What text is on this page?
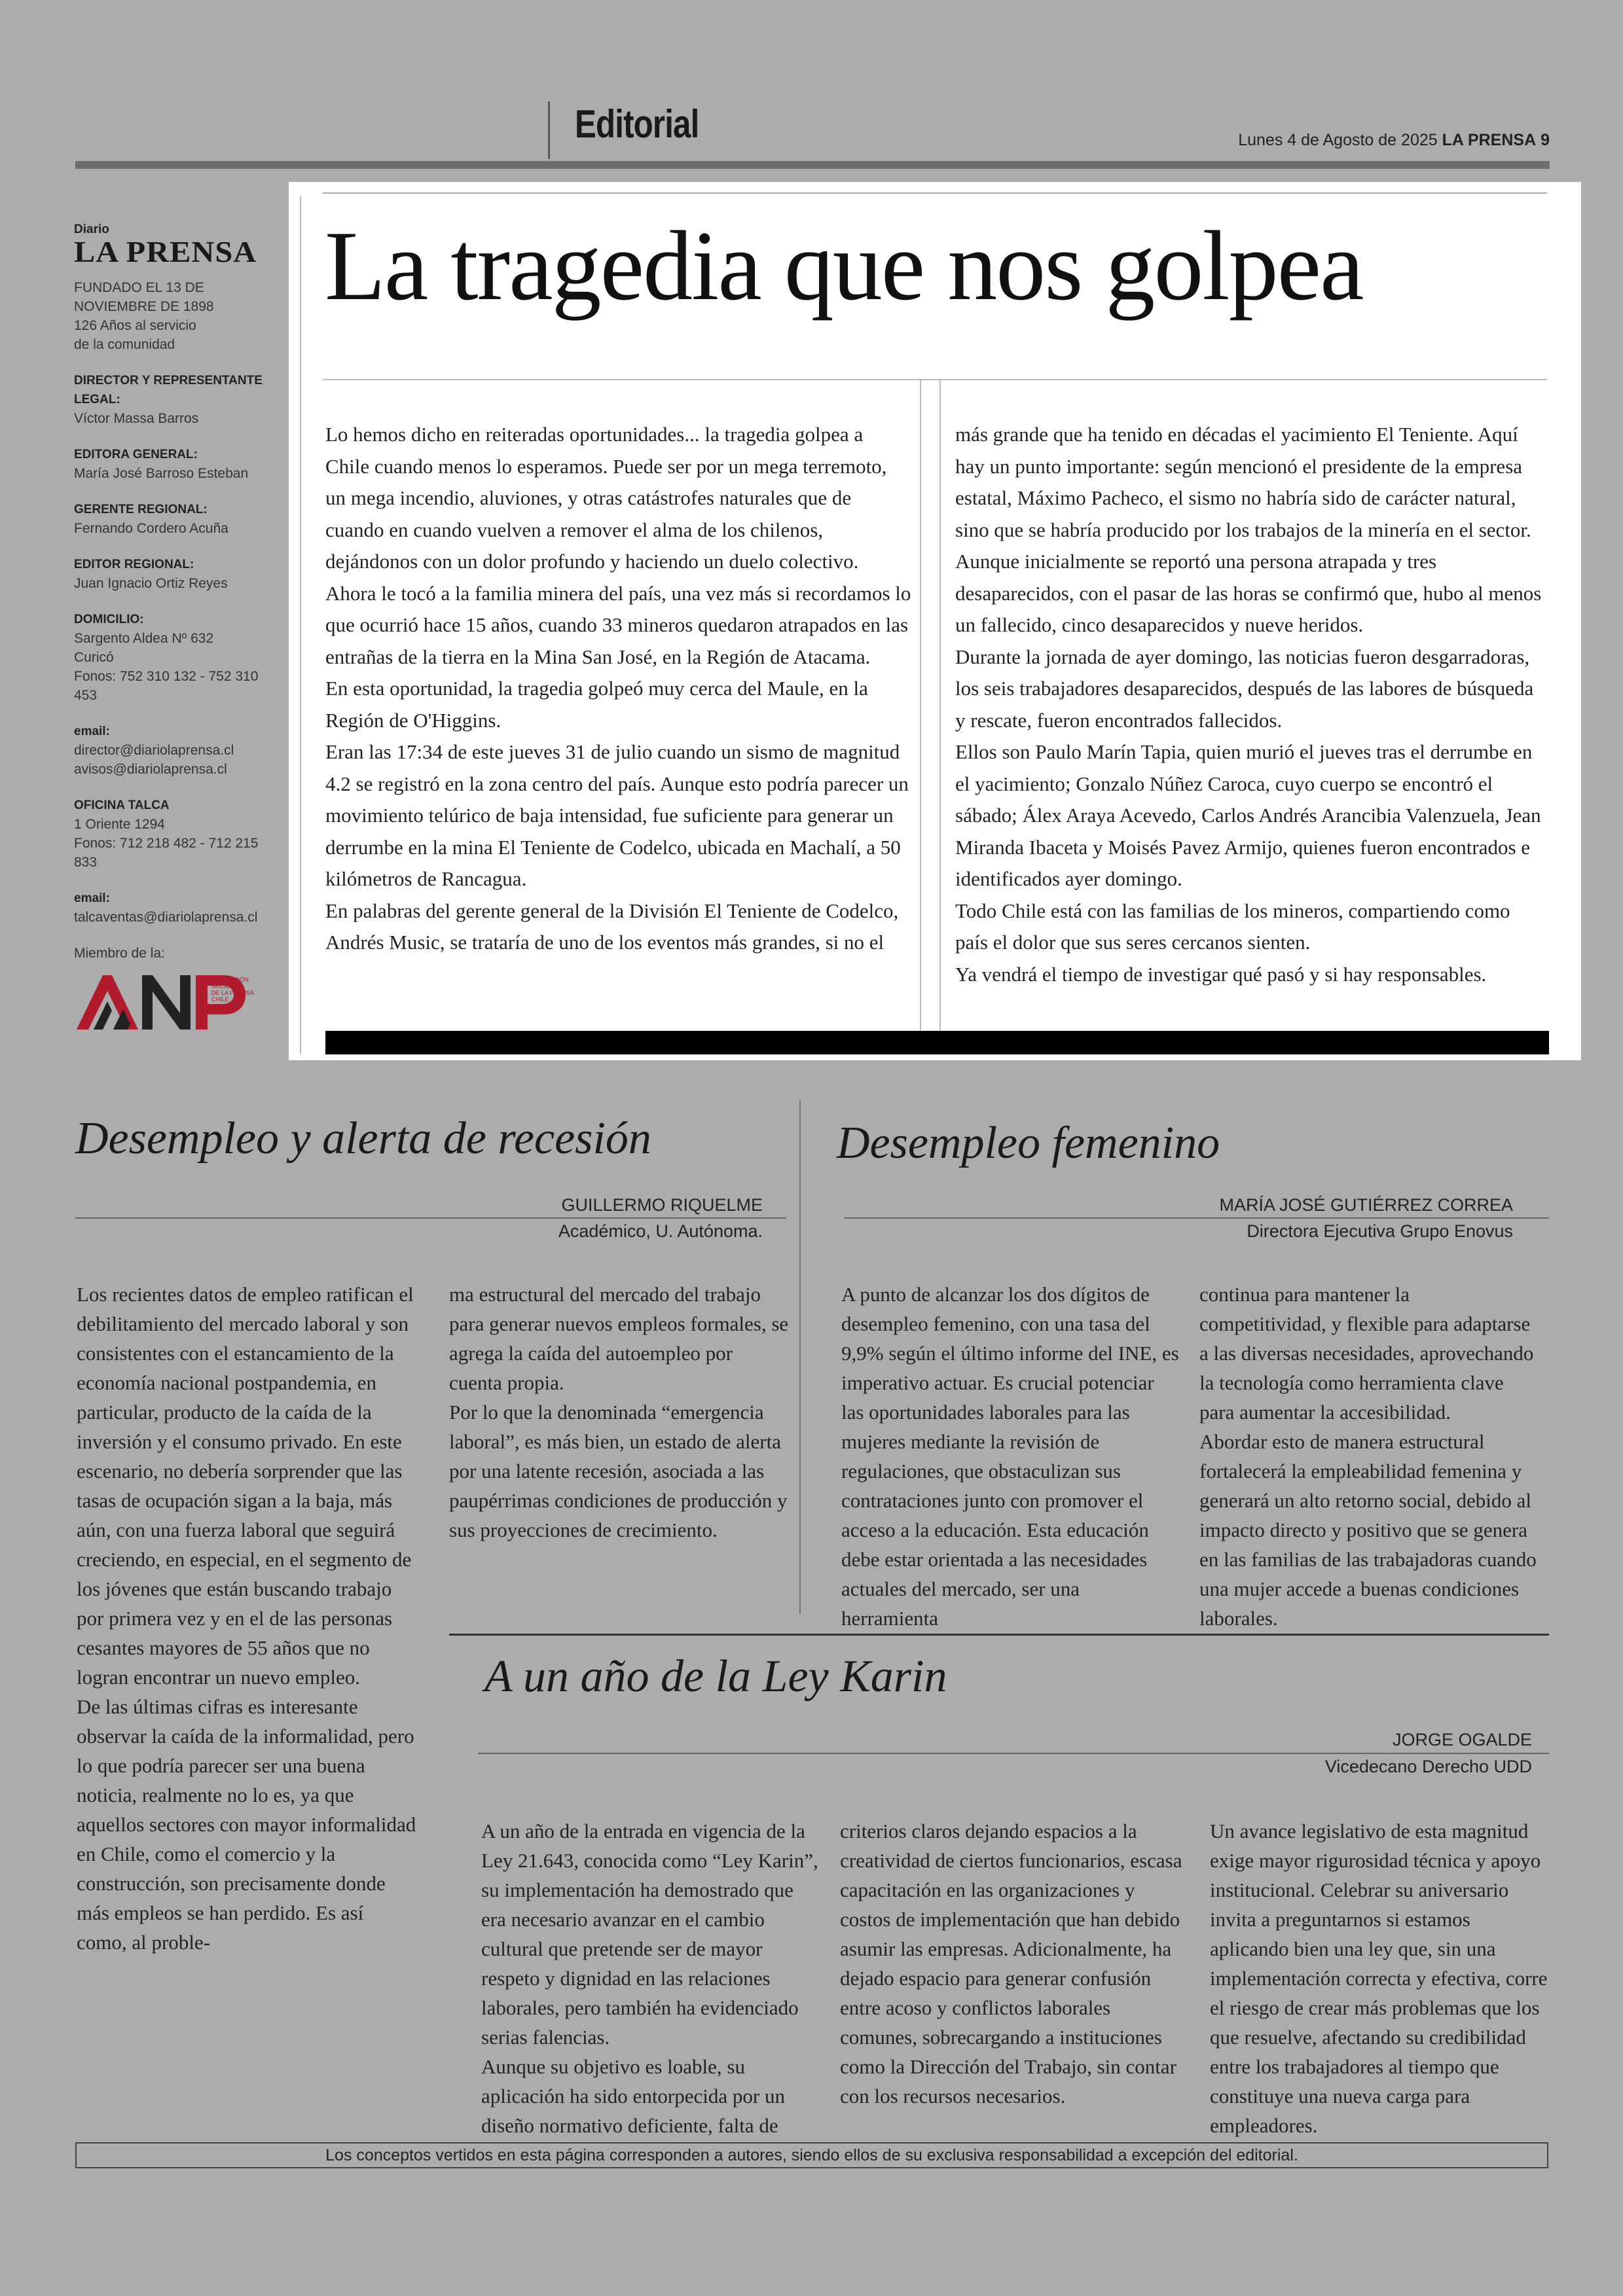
Editorial	Lunes 4 de Agosto de 2025 LA PRENSA 9
Diario
LA PRENSA
FUNDADO EL 13 DE
NOVIEMBRE DE 1898
126 Años al servicio
de la comunidad
DIRECTOR Y REPRESENTANTE LEGAL:
Víctor Massa Barros
EDITORA GENERAL:
María José Barroso Esteban
GERENTE REGIONAL:
Fernando Cordero Acuña
EDITOR REGIONAL:
Juan Ignacio Ortiz Reyes
DOMICILIO:
Sargento Aldea Nº 632
Curicó
Fonos: 752 310 132 - 752 310 453
email:
director@diariolaprensa.cl
avisos@diariolaprensa.cl
OFICINA TALCA
1 Oriente 1294
Fonos: 712 218 482 - 712 215 833
email:
talcaventas@diariolaprensa.cl
Miembro de la:
ASOCIACIÓN
NACIONAL
DE LA PRENSA
CHILE
La tragedia que nos golpea

Lo hemos dicho en reiteradas oportunidades... la tragedia golpea a Chile cuando menos lo esperamos. Puede ser por un mega terremoto, un mega incendio, aluviones, y otras catástrofes naturales que de cuando en cuando vuelven a remover el alma de los chilenos, dejándonos con un dolor profundo y haciendo un duelo colectivo.

Ahora le tocó a la familia minera del país, una vez más si recordamos lo que ocurrió hace 15 años, cuando 33 mineros quedaron atrapados en las entrañas de la tierra en la Mina San José, en la Región de Atacama.

En esta oportunidad, la tragedia golpeó muy cerca del Maule, en la Región de O'Higgins.

Eran las 17:34 de este jueves 31 de julio cuando un sismo de magnitud 4.2 se registró en la zona centro del país. Aunque esto podría parecer un movimiento telúrico de baja intensidad, fue suficiente para generar un derrumbe en la mina El Teniente de Codelco, ubicada en Machalí, a 50 kilómetros de Rancagua.

En palabras del gerente general de la División El Teniente de Codelco, Andrés Music, se trataría de uno de los eventos más grandes, si no el

más grande que ha tenido en décadas el yacimiento El Teniente. Aquí hay un punto importante: según mencionó el presidente de la empresa estatal, Máximo Pacheco, el sismo no habría sido de carácter natural, sino que se habría producido por los trabajos de la minería en el sector.

Aunque inicialmente se reportó una persona atrapada y tres desaparecidos, con el pasar de las horas se confirmó que, hubo al menos un fallecido, cinco desaparecidos y nueve heridos.

Durante la jornada de ayer domingo, las noticias fueron desgarradoras, los seis trabajadores desaparecidos, después de las labores de búsqueda y rescate, fueron encontrados fallecidos.

Ellos son Paulo Marín Tapia, quien murió el jueves tras el derrumbe en el yacimiento; Gonzalo Núñez Caroca, cuyo cuerpo se encontró el sábado; Álex Araya Acevedo, Carlos Andrés Arancibia Valenzuela, Jean Miranda Ibaceta y Moisés Pavez Armijo, quienes fueron encontrados e identificados ayer domingo.

Todo Chile está con las familias de los mineros, compartiendo como país el dolor que sus seres cercanos sienten.

Ya vendrá el tiempo de investigar qué pasó y si hay responsables.

Desempleo y alerta de recesión
GUILLERMO RIQUELME
Académico, U. Autónoma.

Los recientes datos de empleo ratifican el debilitamiento del mercado laboral y son consistentes con el estancamiento de la economía nacional postpandemia, en particular, producto de la caída de la inversión y el consumo privado. En este escenario, no debería sorprender que las tasas de ocupación sigan a la baja, más aún, con una fuerza laboral que seguirá creciendo, en especial, en el segmento de los jóvenes que están buscando trabajo por primera vez y en el de las personas cesantes mayores de 55 años que no logran encontrar un nuevo empleo.

De las últimas cifras es interesante observar la caída de la informalidad, pero lo que podría parecer ser una buena noticia, realmente no lo es, ya que aquellos sectores con mayor informalidad en Chile, como el comercio y la construcción, son precisamente donde más empleos se han perdido. Es así como, al proble-

ma estructural del mercado del trabajo para generar nuevos empleos formales, se agrega la caída del autoempleo por cuenta propia.

Por lo que la denominada “emergencia laboral”, es más bien, un estado de alerta por una latente recesión, asociada a las paupérrimas condiciones de producción y sus proyecciones de crecimiento.

Desempleo femenino
MARÍA JOSÉ GUTIÉRREZ CORREA
Directora Ejecutiva Grupo Enovus

A punto de alcanzar los dos dígitos de desempleo femenino, con una tasa del 9,9% según el último informe del INE, es imperativo actuar. Es crucial potenciar las oportunidades laborales para las mujeres mediante la revisión de regulaciones, que obstaculizan sus contrataciones junto con promover el acceso a la educación. Esta educación debe estar orientada a las necesidades actuales del mercado, ser una herramienta

continua para mantener la competitividad, y flexible para adaptarse a las diversas necesidades, aprovechando la tecnología como herramienta clave para aumentar la accesibilidad.

Abordar esto de manera estructural fortalecerá la empleabilidad femenina y generará un alto retorno social, debido al impacto directo y positivo que se genera en las familias de las trabajadoras cuando una mujer accede a buenas condiciones laborales.

A un año de la Ley Karin
JORGE OGALDE
Vicedecano Derecho UDD

A un año de la entrada en vigencia de la Ley 21.643, conocida como “Ley Karin”, su implementación ha demostrado que era necesario avanzar en el cambio cultural que pretende ser de mayor respeto y dignidad en las relaciones laborales, pero también ha evidenciado serias falencias.

Aunque su objetivo es loable, su aplicación ha sido entorpecida por un diseño normativo deficiente, falta de

criterios claros dejando espacios a la creatividad de ciertos funcionarios, escasa capacitación en las organizaciones y costos de implementación que han debido asumir las empresas. Adicionalmente, ha dejado espacio para generar confusión entre acoso y conflictos laborales comunes, sobrecargando a instituciones como la Dirección del Trabajo, sin contar con los recursos necesarios.

Un avance legislativo de esta magnitud exige mayor rigurosidad técnica y apoyo institucional. Celebrar su aniversario invita a preguntarnos si estamos aplicando bien una ley que, sin una implementación correcta y efectiva, corre el riesgo de crear más problemas que los que resuelve, afectando su credibilidad entre los trabajadores al tiempo que constituye una nueva carga para empleadores.

Los conceptos vertidos en esta página corresponden a autores, siendo ellos de su exclusiva responsabilidad a excepción del editorial.
